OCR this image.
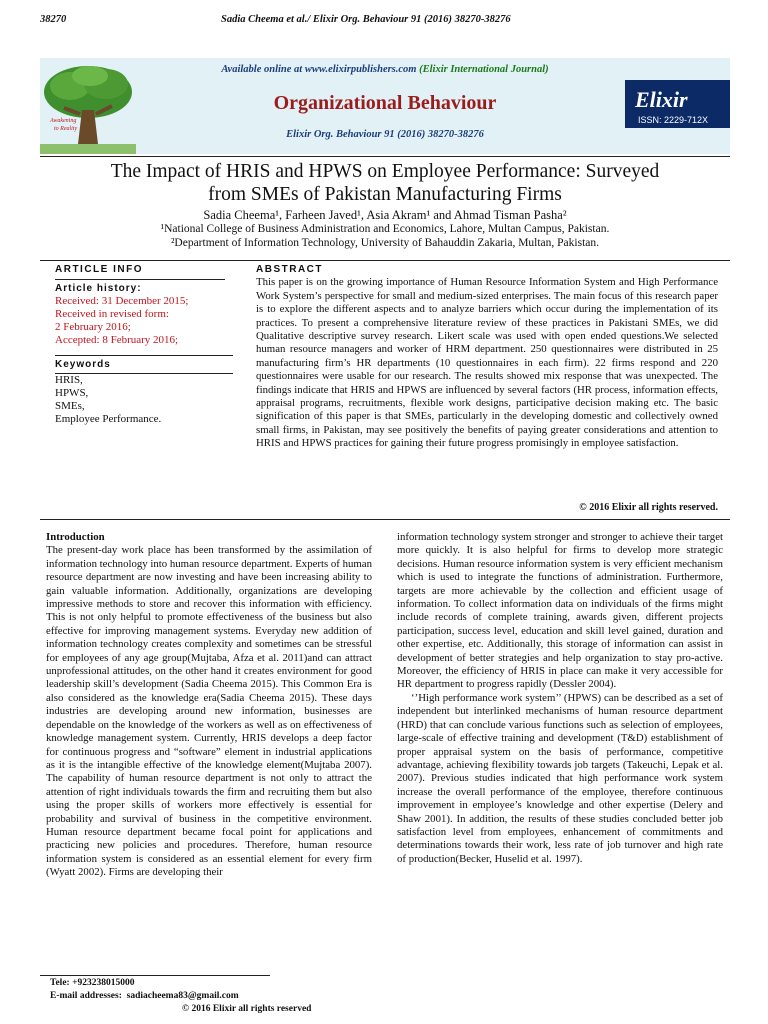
38270	Sadia Cheema et al./ Elixir Org. Behaviour 91 (2016) 38270-38276
Awakening
to Reality
Available online at www.elixirpublishers.com (Elixir International Journal)
Organizational Behaviour
Elixir Org. Behaviour 91 (2016) 38270-38276
Elixir
ISSN: 2229-712X
The Impact of HRIS and HPWS on Employee Performance: Surveyed
from SMEs of Pakistan Manufacturing Firms
Sadia Cheema¹, Farheen Javed¹, Asia Akram¹ and Ahmad Tisman Pasha²
¹National College of Business Administration and Economics, Lahore, Multan Campus, Pakistan.
²Department of Information Technology, University of Bahauddin Zakaria, Multan, Pakistan.
ARTICLE INFO
Article history:
Received: 31 December 2015;
Received in revised form:
2 February 2016;
Accepted: 8 February 2016;
Keywords
HRIS,
HPWS,
SMEs,
Employee Performance.
ABSTRACT
This paper is on the growing importance of Human Resource Information System and High Performance Work System’s perspective for small and medium-sized enterprises. The main focus of this research paper is to explore the different aspects and to analyze barriers which occur during the implementation of its practices. To present a comprehensive literature review of these practices in Pakistani SMEs, we did Qualitative descriptive survey research. Likert scale was used with open ended questions.We selected human resource managers and worker of HRM department. 250 questionnaires were distributed in 25 manufacturing firm’s HR departments (10 questionnaires in each firm). 22 firms respond and 220 questionnaires were usable for our research. The results showed mix response that was unexpected. The findings indicate that HRIS and HPWS are influenced by several factors (HR process, information effects, appraisal programs, recruitments, flexible work designs, participative decision making etc. The basic signification of this paper is that SMEs, particularly in the developing domestic and collectively owned small firms, in Pakistan, may see positively the benefits of paying greater considerations and attention to HRIS and HPWS practices for gaining their future progress promisingly in employee satisfaction.
© 2016 Elixir all rights reserved.

Introduction

The present-day work place has been transformed by the assimilation of information technology into human resource department. Experts of human resource department are now investing and have been increasing ability to gain valuable information. Additionally, organizations are developing impressive methods to store and recover this information with efficiency. This is not only helpful to promote effectiveness of the business but also effective for improving management systems. Everyday new addition of information technology creates complexity and sometimes can be stressful for employees of any age group(Mujtaba, Afza et al. 2011)and can attract unprofessional attitudes, on the other hand it creates environment for good leadership skill’s development (Sadia Cheema 2015). This Common Era is also considered as the knowledge era(Sadia Cheema 2015). These days industries are developing around new information, businesses are dependable on the knowledge of the workers as well as on effectiveness of knowledge management system. Currently, HRIS develops a deep factor for continuous progress and “software” element in industrial applications as it is the intangible effective of the knowledge element(Mujtaba 2007). The capability of human resource department is not only to attract the attention of right individuals towards the firm and recruiting them but also using the proper skills of workers more effectively is essential for probability and survival of business in the competitive environment. Human resource department became focal point for applications and practicing new policies and procedures. Therefore, human resource information system is considered as an essential element for every firm (Wyatt 2002). Firms are developing their

information technology system stronger and stronger to achieve their target more quickly. It is also helpful for firms to develop more strategic decisions. Human resource information system is very efficient mechanism which is used to integrate the functions of administration. Furthermore, targets are more achievable by the collection and efficient usage of information. To collect information data on individuals of the firms might include records of complete training, awards given, different projects participation, success level, education and skill level gained, duration and other expertise, etc. Additionally, this storage of information can assist in development of better strategies and help organization to stay pro-active. Moreover, the efficiency of HRIS in place can make it very accessible for HR department to progress rapidly (Dessler 2004).

‘’High performance work system’’ (HPWS) can be described as a set of independent but interlinked mechanisms of human resource department (HRD) that can conclude various functions such as selection of employees, large-scale of effective training and development (T&D) establishment of proper appraisal system on the basis of performance, competitive advantage, achieving flexibility towards job targets (Takeuchi, Lepak et al. 2007). Previous studies indicated that high performance work system increase the overall performance of the employee, therefore continuous improvement in employee’s knowledge and other expertise (Delery and Shaw 2001). In addition, the results of these studies concluded better job satisfaction level from employees, enhancement of commitments and determinations towards their work, less rate of job turnover and high rate of production(Becker, Huselid et al. 1997).

Tele: +923238015000
E-mail addresses: sadiacheema83@gmail.com
© 2016 Elixir all rights reserved
